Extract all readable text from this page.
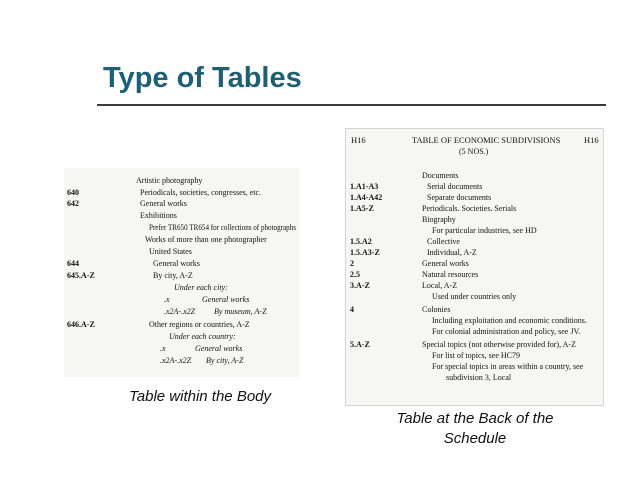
Type of Tables
Artistic photography
640	Periodicals, societies, congresses, etc.
642	General works
Exhibitions
Prefer TR650 TR654 for collections of photographs
Works of more than one photographer
United States
644	General works
645.A-Z	By city, A-Z
Under each city:
.x	General works
.x2A-.x2Z By museum, A-Z
646.A-Z	Other regions or countries, A-Z
Under each country:
.x	General works
.x2A-.x2Z By city, A-Z
H16	TABLE OF ECONOMIC SUBDIVISIONS	H16
(5 NOS.)
Documents
1.A1-A3	Serial documents
1.A4-A42	Separate documents
1.A5-Z	Periodicals. Societies. Serials
Biography
For particular industries, see HD
1.5.A2	Collective
1.5.A3-Z	Individual, A-Z
2	General works
2.5	Natural resources
3.A-Z	Local, A-Z
Used under countries only
4	Colonies
Including exploitation and economic conditions.
For colonial administration and policy, see JV.
5.A-Z	Special topics (not otherwise provided for), A-Z
For list of topics, see HC79
For special topics in areas within a country, see
subdivision 3, Local
Table within the Body
Table at the Back of the
Schedule
